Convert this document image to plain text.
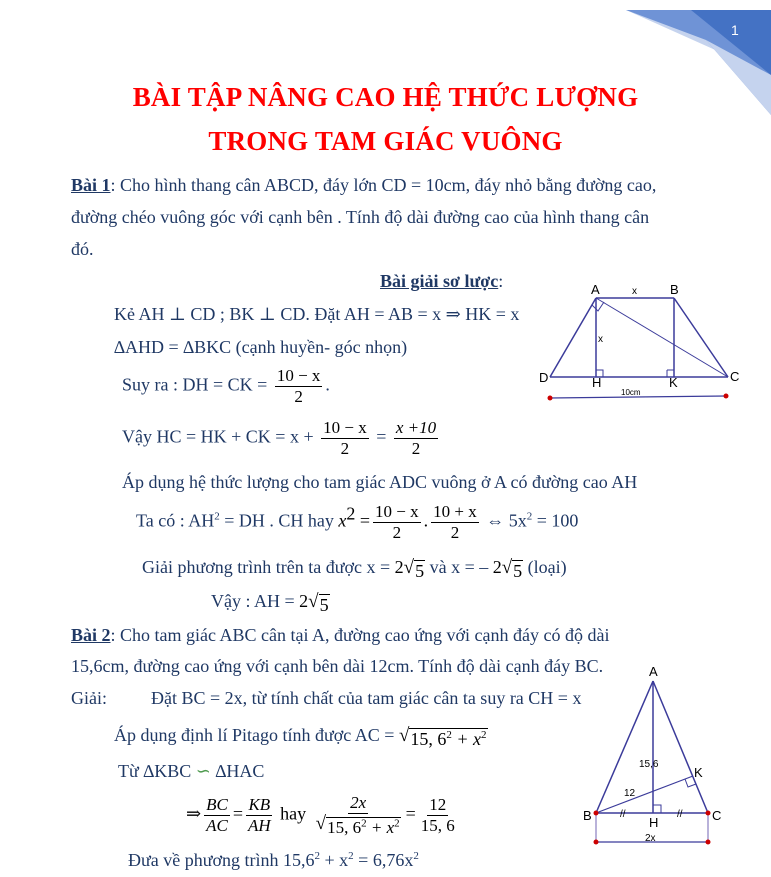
1
BÀI TẬP NÂNG CAO HỆ THỨC LƯỢNG
TRONG TAM GIÁC VUÔNG
Bài 1: Cho hình thang cân ABCD, đáy lớn CD = 10cm, đáy nhỏ bằng đường cao,
đường chéo vuông góc với cạnh bên . Tính độ dài đường cao của hình thang cân
đó.
Bài giải sơ lược:
Kẻ AH ⊥ CD ; BK ⊥ CD. Đặt AH = AB = x ⇒ HK = x
∆AHD = ∆BKC (cạnh huyền- góc nhọn)
Suy ra : DH = CK = $\frac{10 - x}{2}$ .
Vậy HC = HK + CK = $x + \frac{10 - x}{2} = \frac{x +10}{2}$
Áp dụng hệ thức lượng cho tam giác ADC vuông ở A có đường cao AH
Ta có : $AH^2$ = DH . CH hay $x^2 = \frac{10 - x}{2}$ . $\frac{10 + x}{2}$ ⇔ $5x^2 = 100$
Giải phương trình trên ta được x = 2 √ 5 và x = – 2 √ 5 (loại)
Vậy : AH = 2 √ 5
A	B
C
D	H	K
x
x
10cm
Bài 2: Cho tam giác ABC cân tại A, đường cao ứng với cạnh đáy có độ dài
15,6cm, đường cao ứng với cạnh bên dài 12cm. Tính độ dài cạnh đáy BC.
Giải: Đặt BC = 2x, từ tính chất của tam giác cân ta suy ra CH = x
Áp dụng định lí Pitago tính được AC = √ 15, $6^2 + x^2$
Từ ∆KBC ∽ ∆HAC
⇒ $\frac{BC}{AC} = \frac{KB}{AH}$ hay $\frac{2x}{√ 15, 6^2 + x^2} = \frac{12}{15, 6}$
Đưa về phương trình $15,6^2 + x^2 = 6,76x^2$
A
B	C
H
K
15,6
12
//	//
2x
